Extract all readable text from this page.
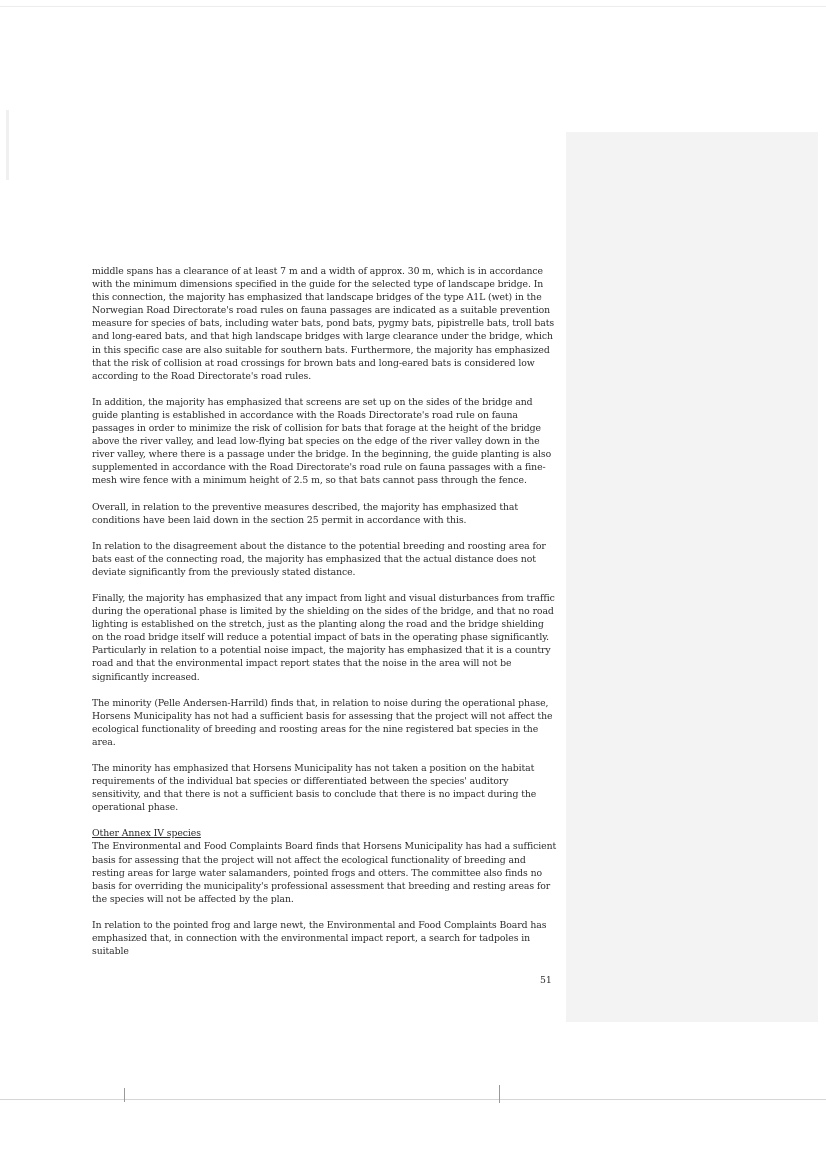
middle spans has a clearance of at least 7 m and a width of approx. 30 m, which is in accordance with the minimum dimensions specified in the guide for the selected type of landscape bridge. In this connection, the majority has emphasized that landscape bridges of the type A1L (wet) in the Norwegian Road Directorate's road rules on fauna passages are indicated as a suitable prevention measure for species of bats, including water bats, pond bats, pygmy bats, pipistrelle bats, troll bats and long-eared bats, and that high landscape bridges with large clearance under the bridge, which in this specific case are also suitable for southern bats. Furthermore, the majority has emphasized that the risk of collision at road crossings for brown bats and long-eared bats is considered low according to the Road Directorate's road rules.

In addition, the majority has emphasized that screens are set up on the sides of the bridge and guide planting is established in accordance with the Roads Directorate's road rule on fauna passages in order to minimize the risk of collision for bats that forage at the height of the bridge above the river valley, and lead low-flying bat species on the edge of the river valley down in the river valley, where there is a passage under the bridge. In the beginning, the guide planting is also supplemented in accordance with the Road Directorate's road rule on fauna passages with a fine-mesh wire fence with a minimum height of 2.5 m, so that bats cannot pass through the fence.

Overall, in relation to the preventive measures described, the majority has emphasized that conditions have been laid down in the section 25 permit in accordance with this.

In relation to the disagreement about the distance to the potential breeding and roosting area for bats east of the connecting road, the majority has emphasized that the actual distance does not deviate significantly from the previously stated distance.

Finally, the majority has emphasized that any impact from light and visual disturbances from traffic during the operational phase is limited by the shielding on the sides of the bridge, and that no road lighting is established on the stretch, just as the planting along the road and the bridge shielding on the road bridge itself will reduce a potential impact of bats in the operating phase significantly. Particularly in relation to a potential noise impact, the majority has emphasized that it is a country road and that the environmental impact report states that the noise in the area will not be significantly increased.

The minority (Pelle Andersen-Harrild) finds that, in relation to noise during the operational phase, Horsens Municipality has not had a sufficient basis for assessing that the project will not affect the ecological functionality of breeding and roosting areas for the nine registered bat species in the area.

The minority has emphasized that Horsens Municipality has not taken a position on the habitat requirements of the individual bat species or differentiated between the species' auditory sensitivity, and that there is not a sufficient basis to conclude that there is no impact during the operational phase.

Other Annex IV species
The Environmental and Food Complaints Board finds that Horsens Municipality has had a sufficient basis for assessing that the project will not affect the ecological functionality of breeding and resting areas for large water salamanders, pointed frogs and otters. The committee also finds no basis for overriding the municipality's professional assessment that breeding and resting areas for the species will not be affected by the plan.

In relation to the pointed frog and large newt, the Environmental and Food Complaints Board has emphasized that, in connection with the environmental impact report, a search for tadpoles in suitable

51
